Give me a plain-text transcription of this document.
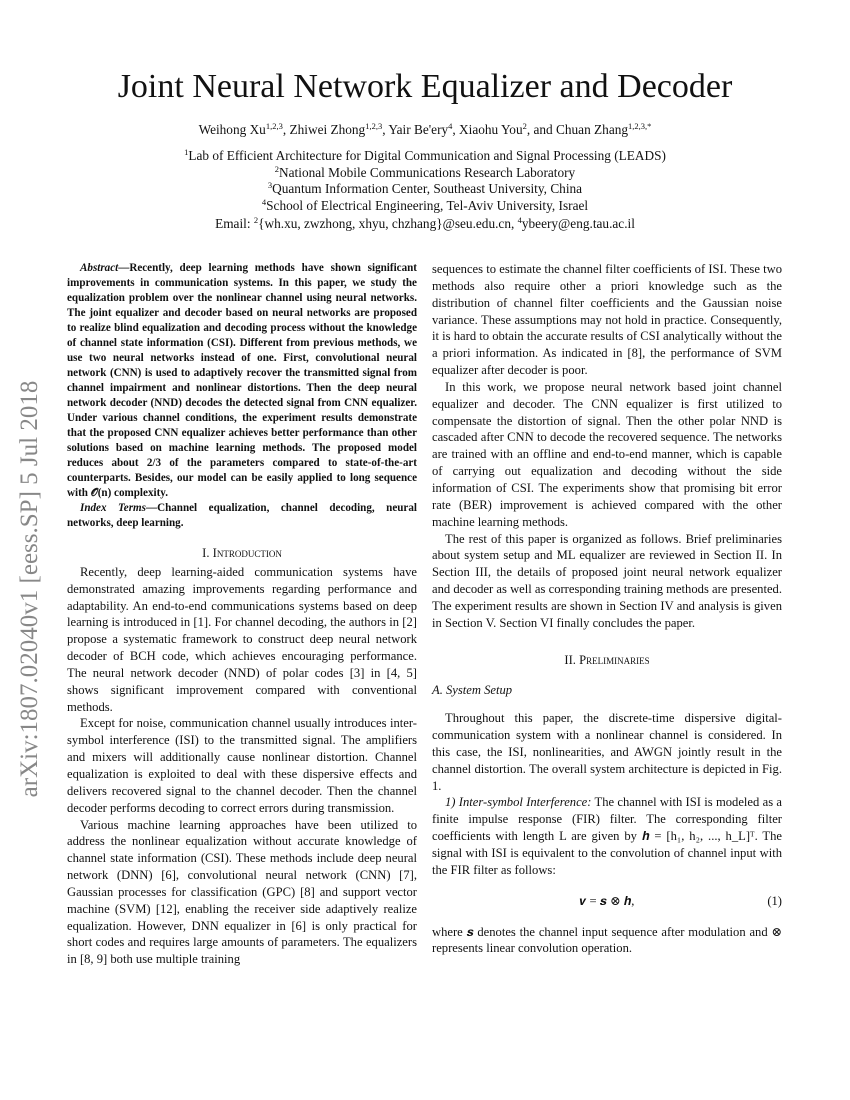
arXiv:1807.02040v1 [eess.SP] 5 Jul 2018
Joint Neural Network Equalizer and Decoder
Weihong Xu$^{1,2,3}$, Zhiwei Zhong$^{1,2,3}$, Yair Be'ery$^4$, Xiaohu You$^2$, and Chuan Zhang$^{1,2,3,*}$
$^1$Lab of Efficient Architecture for Digital Communication and Signal Processing (LEADS)
$^2$National Mobile Communications Research Laboratory
$^3$Quantum Information Center, Southeast University, China
$^4$School of Electrical Engineering, Tel-Aviv University, Israel
Email: $^2${wh.xu, zwzhong, xhyu, chzhang}@seu.edu.cn, $^4$ybeery@eng.tau.ac.il

Abstract—Recently, deep learning methods have shown significant improvements in communication systems. In this paper, we study the equalization problem over the nonlinear channel using neural networks. The joint equalizer and decoder based on neural networks are proposed to realize blind equalization and decoding process without the knowledge of channel state information (CSI). Different from previous methods, we use two neural networks instead of one. First, convolutional neural network (CNN) is used to adaptively recover the transmitted signal from channel impairment and nonlinear distortions. Then the deep neural network decoder (NND) decodes the detected signal from CNN equalizer. Under various channel conditions, the experiment results demonstrate that the proposed CNN equalizer achieves better performance than other solutions based on machine learning methods. The proposed model reduces about 2/3 of the parameters compared to state-of-the-art counterparts. Besides, our model can be easily applied to long sequence with 𝒪(n) complexity.

Index Terms—Channel equalization, channel decoding, neural networks, deep learning.

I. Introduction

Recently, deep learning-aided communication systems have demonstrated amazing improvements regarding performance and adaptability. An end-to-end communications systems based on deep learning is introduced in [1]. For channel decoding, the authors in [2] propose a systematic framework to construct deep neural network decoder of BCH code, which achieves encouraging performance. The neural network decoder (NND) of polar codes [3] in [4, 5] shows significant improvement compared with conventional methods.

Except for noise, communication channel usually introduces inter-symbol interference (ISI) to the transmitted signal. The amplifiers and mixers will additionally cause nonlinear distortion. Channel equalization is exploited to deal with these dispersive effects and delivers recovered signal to the channel decoder. Then the channel decoder performs decoding to correct errors during transmission.

Various machine learning approaches have been utilized to address the nonlinear equalization without accurate knowledge of channel state information (CSI). These methods include deep neural network (DNN) [6], convolutional neural network (CNN) [7], Gaussian processes for classification (GPC) [8] and support vector machine (SVM) [12], enabling the receiver side adaptively realize equalization. However, DNN equalizer in [6] is only practical for short codes and requires large amounts of parameters. The equalizers in [8, 9] both use multiple training

sequences to estimate the channel filter coefficients of ISI. These two methods also require other a priori knowledge such as the distribution of channel filter coefficients and the Gaussian noise variance. These assumptions may not hold in practice. Consequently, it is hard to obtain the accurate results of CSI analytically without the a priori information. As indicated in [8], the performance of SVM equalizer after decoder is poor.

In this work, we propose neural network based joint channel equalizer and decoder. The CNN equalizer is first utilized to compensate the distortion of signal. Then the other polar NND is cascaded after CNN to decode the recovered sequence. The networks are trained with an offline and end-to-end manner, which is capable of carrying out equalization and decoding without the side information of CSI. The experiments show that promising bit error rate (BER) improvement is achieved compared with the other machine learning methods.

The rest of this paper is organized as follows. Brief preliminaries about system setup and ML equalizer are reviewed in Section II. In Section III, the details of proposed joint neural network equalizer and decoder as well as corresponding training methods are presented. The experiment results are shown in Section IV and analysis is given in Section V. Section VI finally concludes the paper.

II. Preliminaries

A. System Setup

Throughout this paper, the discrete-time dispersive digital-communication system with a nonlinear channel is considered. In this case, the ISI, nonlinearities, and AWGN jointly result in the channel distortion. The overall system architecture is depicted in Fig. 1.

1) Inter-symbol Interference: The channel with ISI is modeled as a finite impulse response (FIR) filter. The corresponding filter coefficients with length L are given by 𝒉 = [h₁, h₂, ..., h_L]ᵀ. The signal with ISI is equivalent to the convolution of channel input with the FIR filter as follows:

𝒗 = 𝒔 ⊗ 𝒉,	(1)

where 𝒔 denotes the channel input sequence after modulation and ⊗ represents linear convolution operation.
